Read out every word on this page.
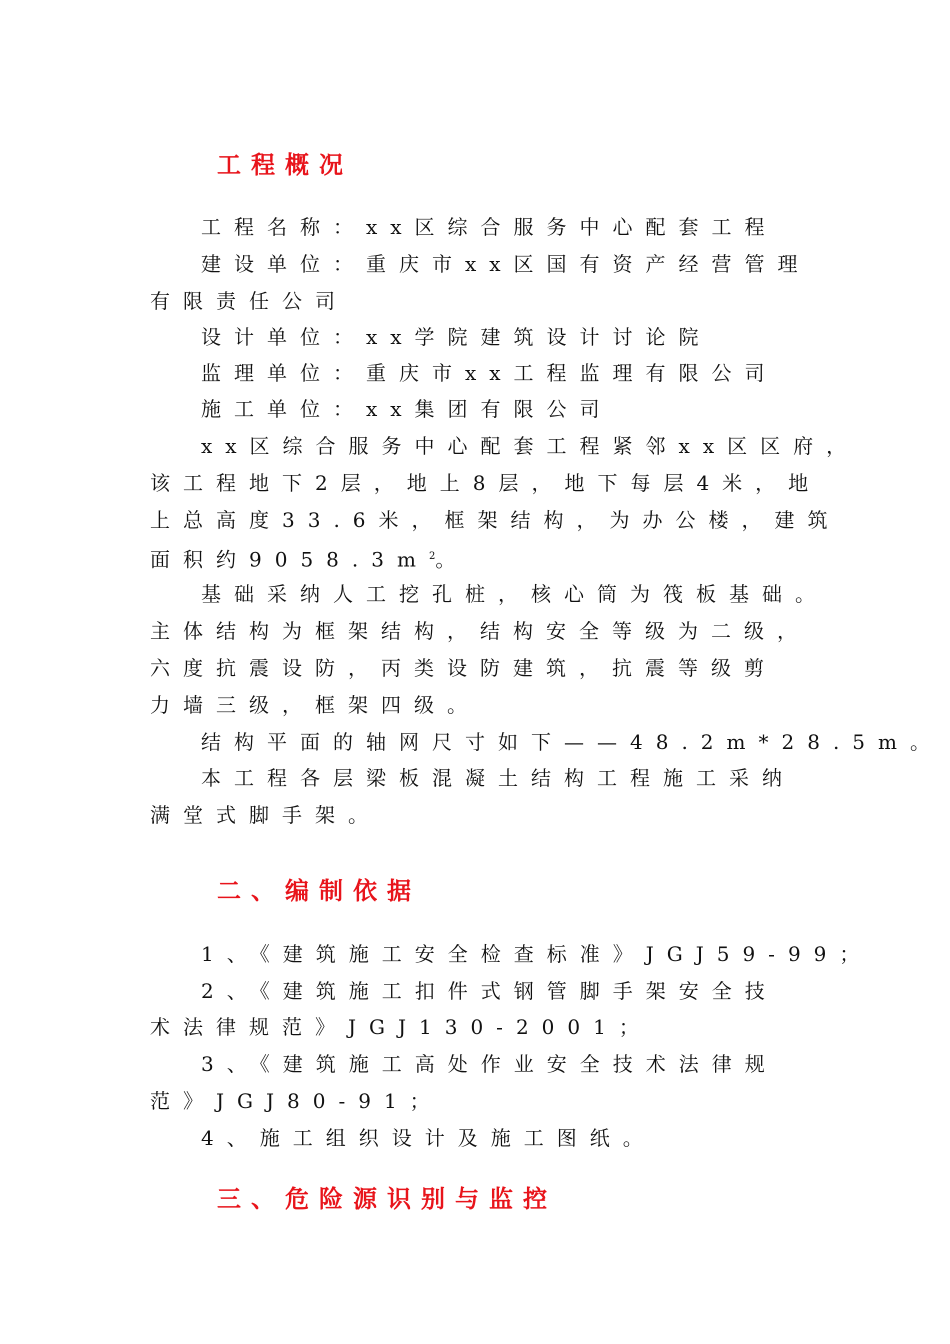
工程概况
工程名称：xx区综合服务中心配套工程
建设单位：重庆市xx区国有资产经营管理
有限责任公司
设计单位：xx学院建筑设计讨论院
监理单位：重庆市xx工程监理有限公司
施工单位：xx集团有限公司
xx区综合服务中心配套工程紧邻xx区区府，
该工程地下2层，地上8层，地下每层4米，地
上总高度33.6米，框架结构，为办公楼，建筑
面积约$9058.3m^2$。
基础采纳人工挖孔桩，核心筒为筏板基础。
主体结构为框架结构，结构安全等级为二级，
六度抗震设防，丙类设防建筑，抗震等级剪
力墙三级，框架四级。
结构平面的轴网尺寸如下——48.2m*28.5m。
本工程各层梁板混凝土结构工程施工采纳
满堂式脚手架。
二、编制依据
1、《建筑施工安全检查标准》JGJ59-99；
2、《建筑施工扣件式钢管脚手架安全技
术法律规范》JGJ130-2001；
3、《建筑施工高处作业安全技术法律规
范》JGJ80-91；
4、施工组织设计及施工图纸。
三、危险源识别与监控
